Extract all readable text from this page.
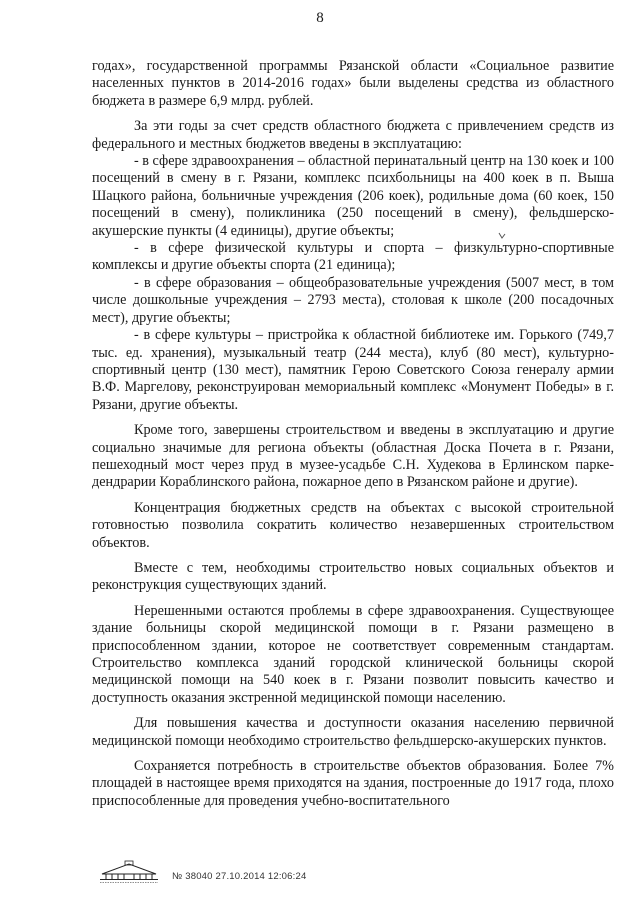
8

годах», государственной программы Рязанской области «Социальное развитие населенных пунктов в 2014-2016 годах» были выделены средства из областного бюджета в размере 6,9 млрд. рублей.

За эти годы за счет средств областного бюджета с привлечением средств из федерального и местных бюджетов введены в эксплуатацию:

- в сфере здравоохранения – областной перинатальный центр на 130 коек и 100 посещений в смену в г. Рязани, комплекс психбольницы на 400 коек в п. Выша Шацкого района, больничные учреждения (206 коек), родильные дома (60 коек, 150 посещений в смену), поликлиника (250 посещений в смену), фельдшерско-акушерские пункты (4 единицы), другие объекты;

- в сфере физической культуры и спорта – физкультурно-спортивные комплексы и другие объекты спорта (21 единица);

- в сфере образования – общеобразовательные учреждения (5007 мест, в том числе дошкольные учреждения – 2793 места), столовая к школе (200 посадочных мест), другие объекты;

- в сфере культуры – пристройка к областной библиотеке им. Горького (749,7 тыс. ед. хранения), музыкальный театр (244 места), клуб (80 мест), культурно-спортивный центр (130 мест), памятник Герою Советского Союза генералу армии В.Ф. Маргелову, реконструирован мемориальный комплекс «Монумент Победы» в г. Рязани, другие объекты.

Кроме того, завершены строительством и введены в эксплуатацию и другие социально значимые для региона объекты (областная Доска Почета в г. Рязани, пешеходный мост через пруд в музее-усадьбе С.Н. Худекова в Ерлинском парке-дендрарии Кораблинского района, пожарное депо в Рязанском районе и другие).

Концентрация бюджетных средств на объектах с высокой строительной готовностью позволила сократить количество незавершенных строительством объектов.

Вместе с тем, необходимы строительство новых социальных объектов и реконструкция существующих зданий.

Нерешенными остаются проблемы в сфере здравоохранения. Существующее здание больницы скорой медицинской помощи в г. Рязани размещено в приспособленном здании, которое не соответствует современным стандартам. Строительство комплекса зданий городской клинической больницы скорой медицинской помощи на 540 коек в г. Рязани позволит повысить качество и доступность оказания экстренной медицинской помощи населению.

Для повышения качества и доступности оказания населению первичной медицинской помощи необходимо строительство фельдшерско-акушерских пунктов.

Сохраняется потребность в строительстве объектов образования. Более 7% площадей в настоящее время приходятся на здания, построенные до 1917 года, плохо приспособленные для проведения учебно-воспитательного

№ 38040 27.10.2014 12:06:24
